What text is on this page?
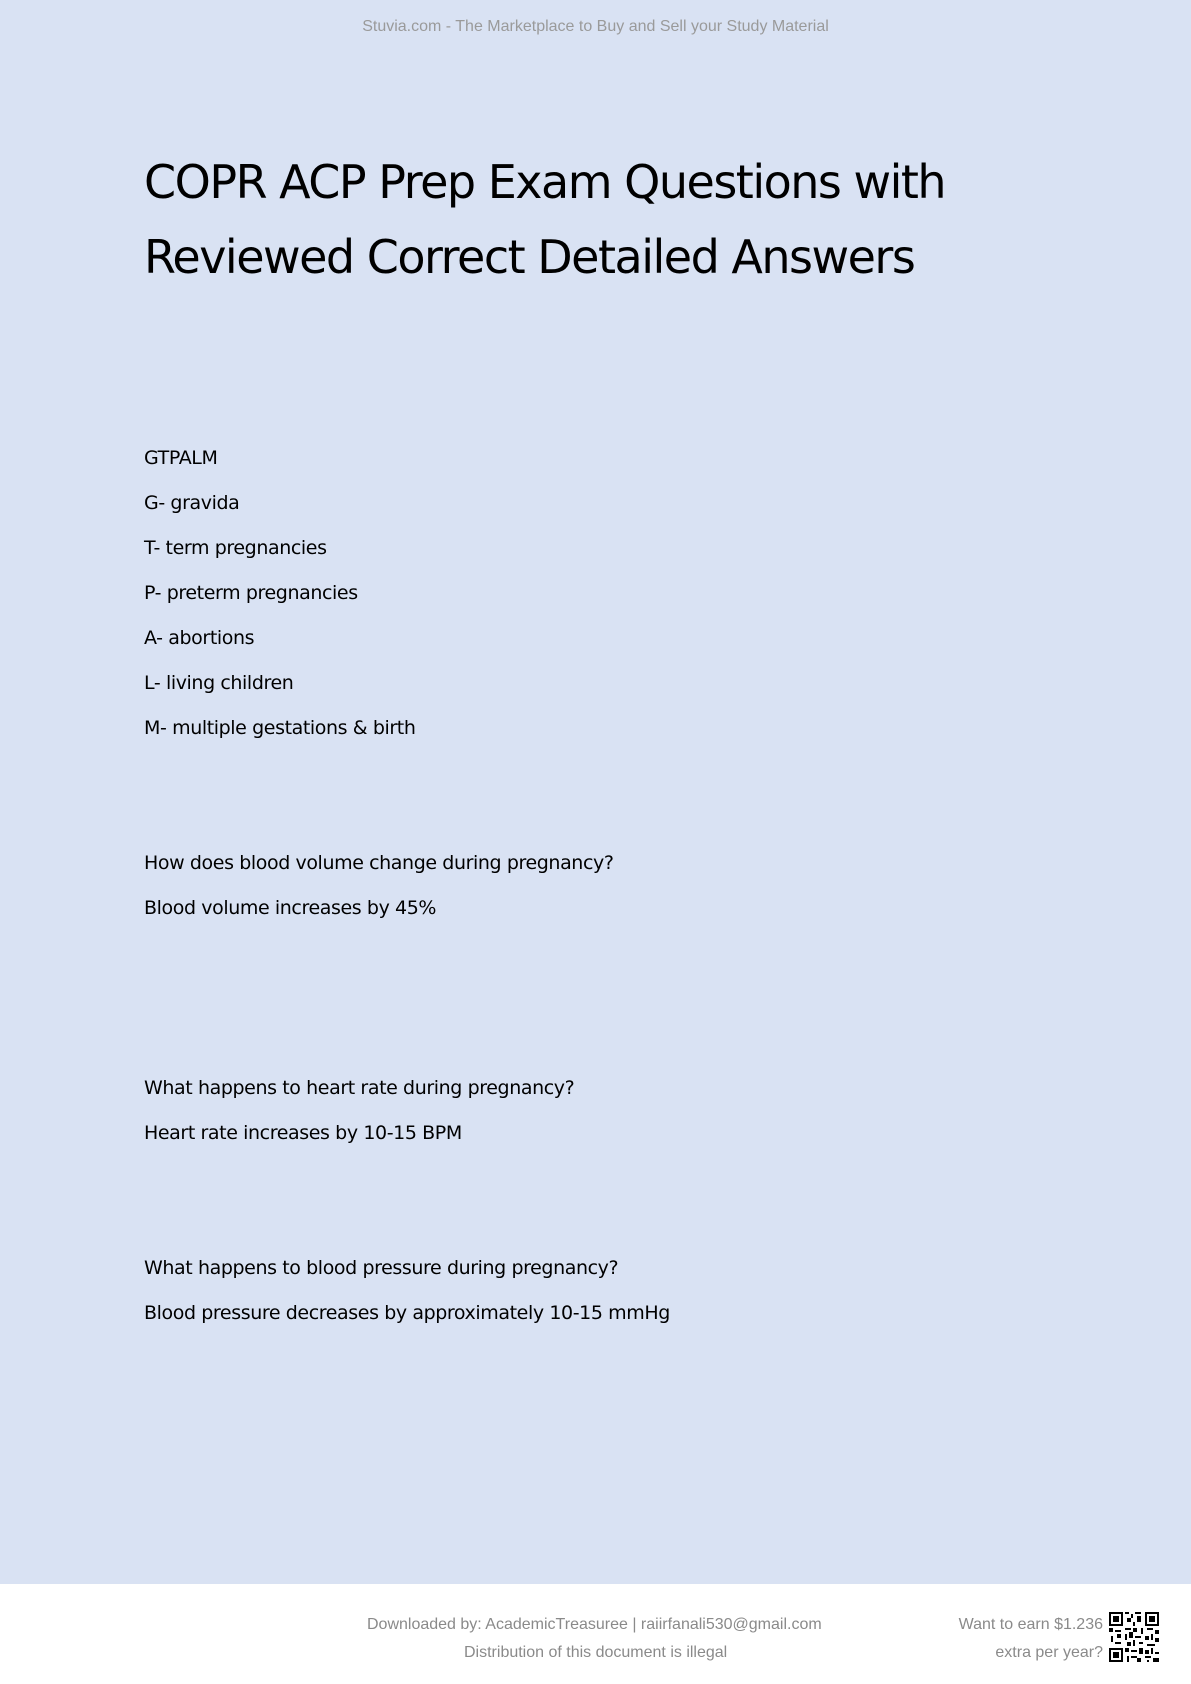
Stuvia.com - The Marketplace to Buy and Sell your Study Material
COPR ACP Prep Exam Questions with
Reviewed Correct Detailed Answers
GTPALM
G- gravida
T- term pregnancies
P- preterm pregnancies
A- abortions
L- living children
M- multiple gestations & birth
How does blood volume change during pregnancy?
Blood volume increases by 45%
What happens to heart rate during pregnancy?
Heart rate increases by 10-15 BPM
What happens to blood pressure during pregnancy?
Blood pressure decreases by approximately 10-15 mmHg
Downloaded by: AcademicTreasuree | raiirfanali530@gmail.com
Distribution of this document is illegal
Want to earn $1.236
extra per year?
